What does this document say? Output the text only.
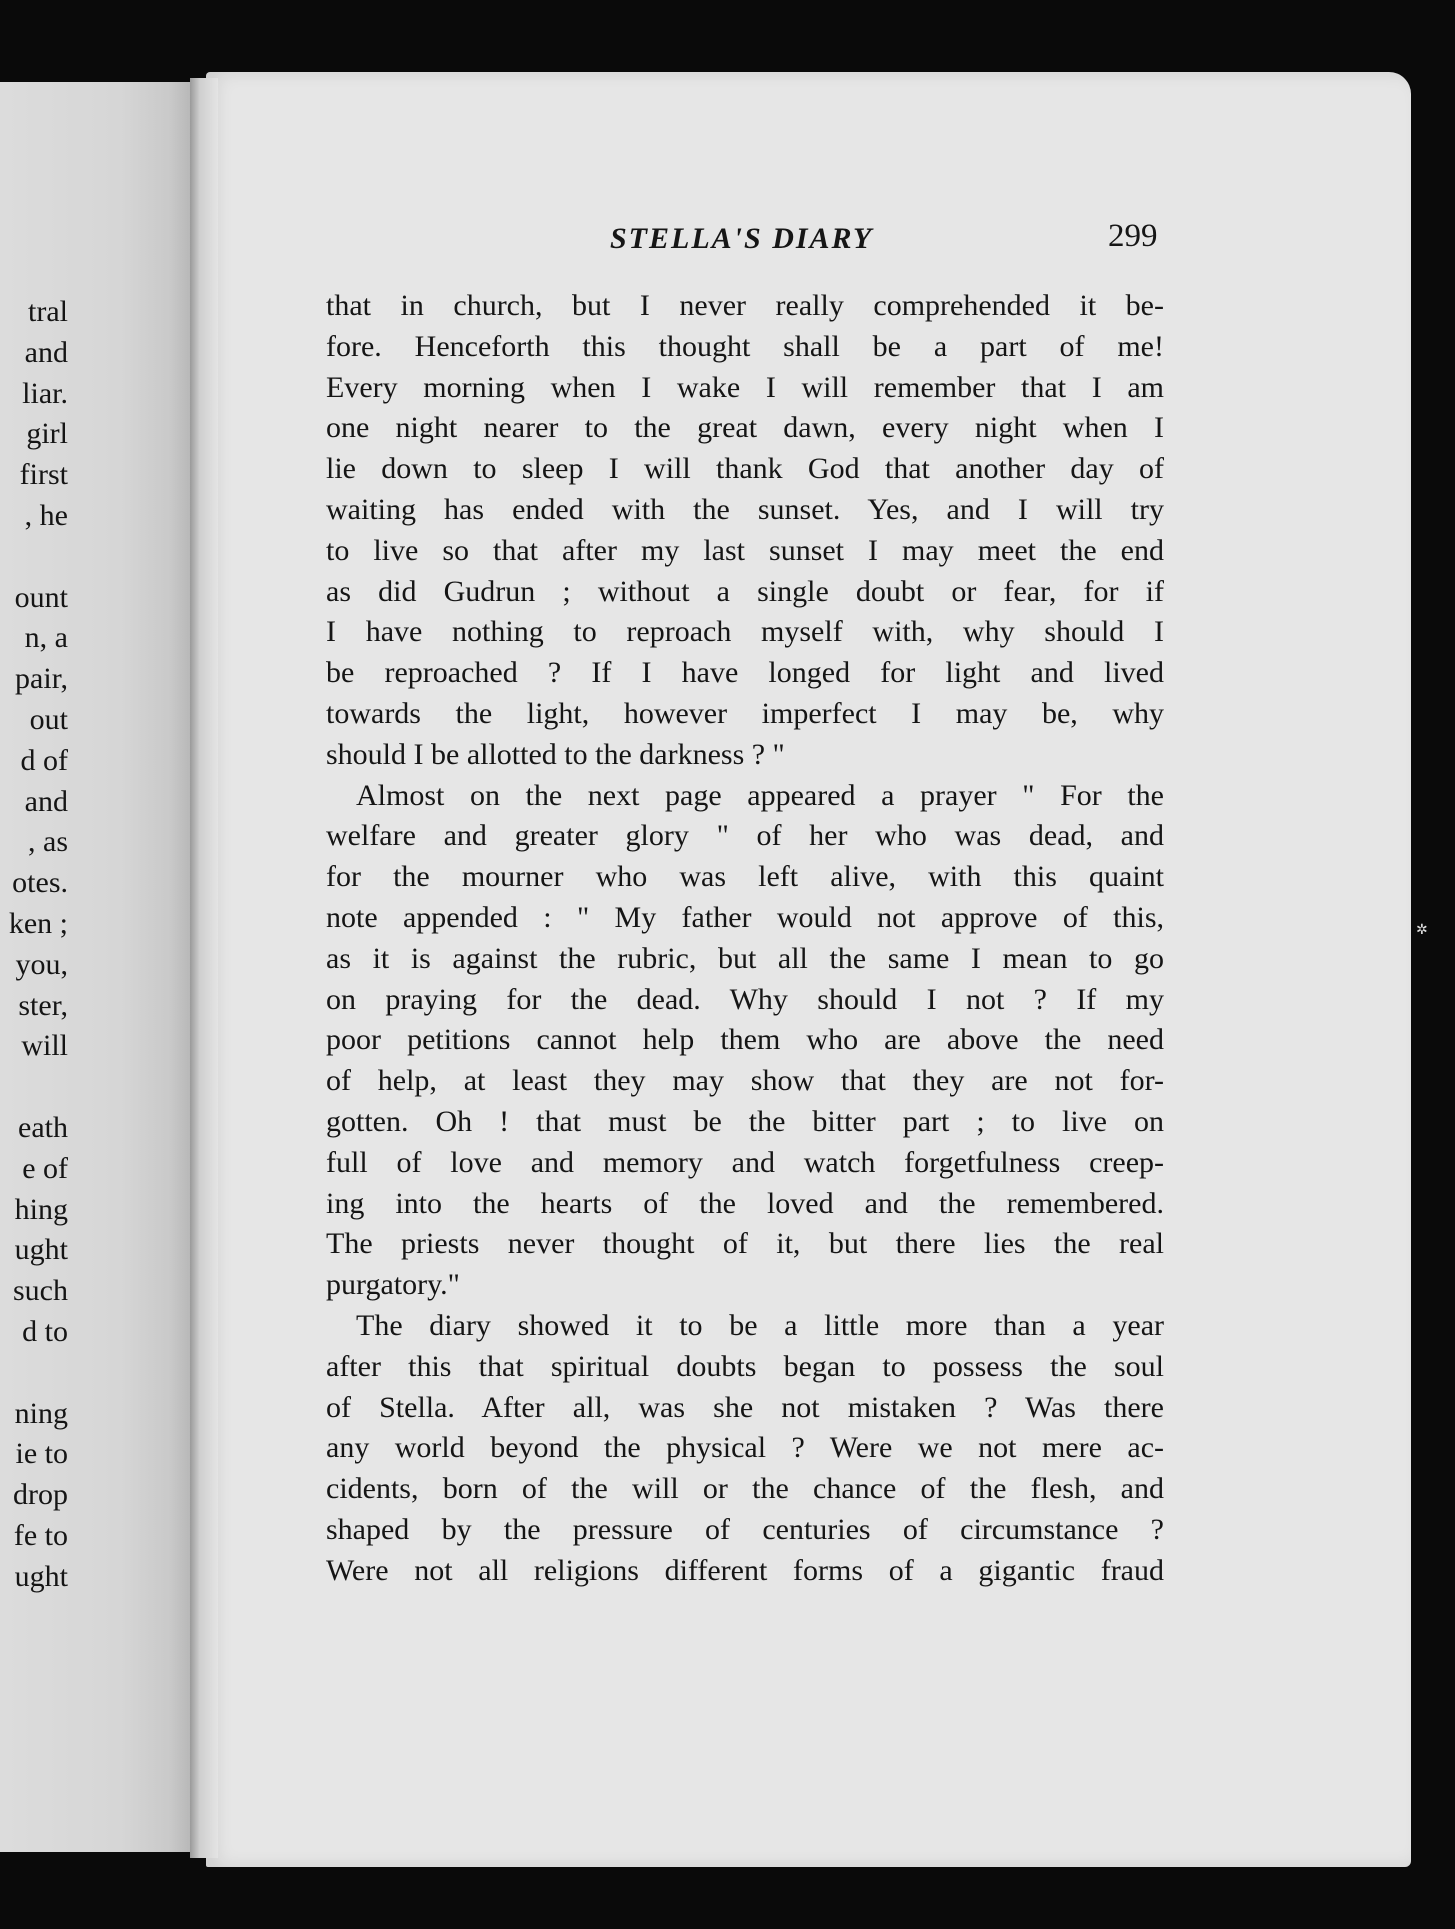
tral
and
liar.
girl
first
, he
ount
n, a
pair,
out
d of
and
, as
otes.
ken ;
you,
ster,
will
eath
e of
hing
ught
such
d to
ning
ie to
drop
fe to
ught
STELLA'S DIARY	299
that in church, but I never really comprehended it be-
fore. Henceforth this thought shall be a part of me!
Every morning when I wake I will remember that I am
one night nearer to the great dawn, every night when I
lie down to sleep I will thank God that another day of
waiting has ended with the sunset. Yes, and I will try
to live so that after my last sunset I may meet the end
as did Gudrun ; without a single doubt or fear, for if
I have nothing to reproach myself with, why should I
be reproached ? If I have longed for light and lived
towards the light, however imperfect I may be, why
should I be allotted to the darkness ? "
Almost on the next page appeared a prayer " For the
welfare and greater glory " of her who was dead, and
for the mourner who was left alive, with this quaint
note appended : " My father would not approve of this,
as it is against the rubric, but all the same I mean to go
on praying for the dead. Why should I not ? If my
poor petitions cannot help them who are above the need
of help, at least they may show that they are not for-
gotten. Oh ! that must be the bitter part ; to live on
full of love and memory and watch forgetfulness creep-
ing into the hearts of the loved and the remembered.
The priests never thought of it, but there lies the real
purgatory."
The diary showed it to be a little more than a year
after this that spiritual doubts began to possess the soul
of Stella. After all, was she not mistaken ? Was there
any world beyond the physical ? Were we not mere ac-
cidents, born of the will or the chance of the flesh, and
shaped by the pressure of centuries of circumstance ?
Were not all religions different forms of a gigantic fraud
✲
